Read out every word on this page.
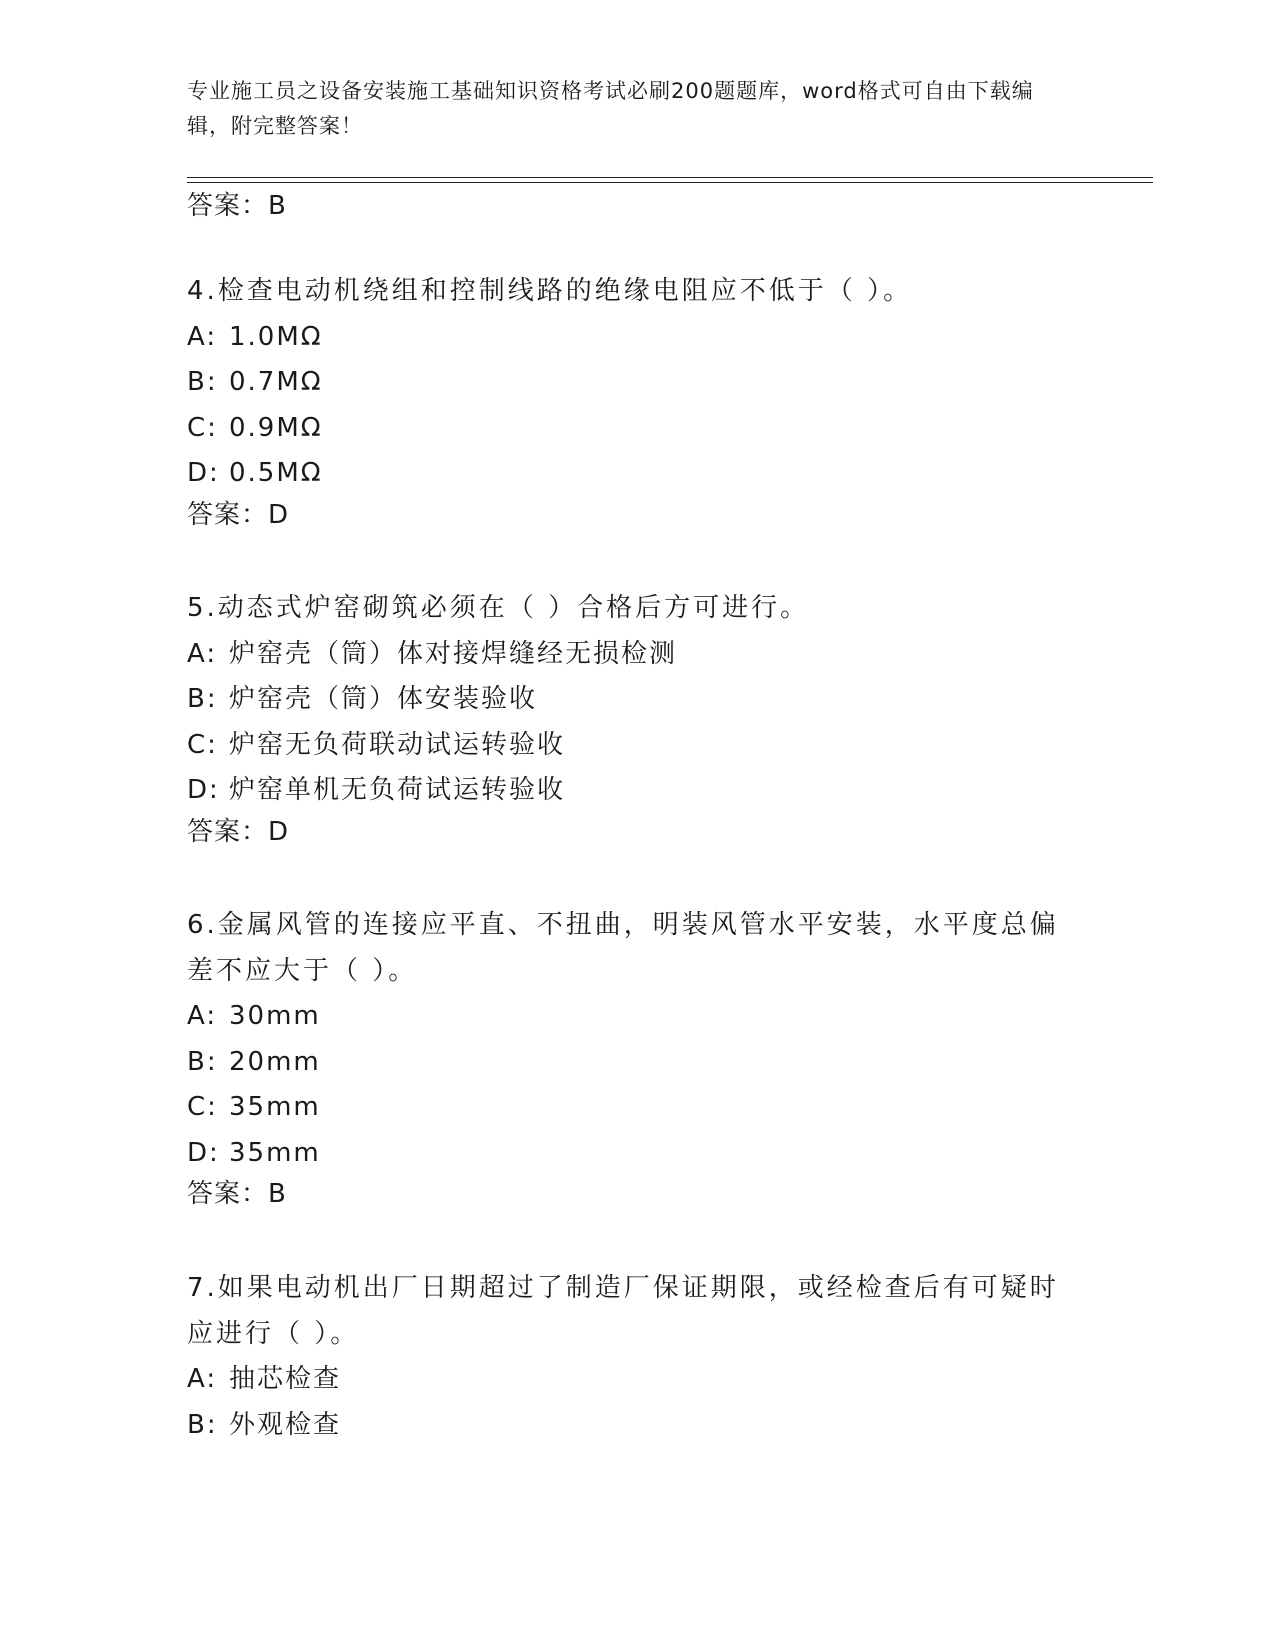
专业施工员之设备安装施工基础知识资格考试必刷200题题库，word格式可自由下载编辑，附完整答案！
答案：B
4.检查电动机绕组和控制线路的绝缘电阻应不低于（ ）。
A: 1.0MΩ
B: 0.7MΩ
C: 0.9MΩ
D: 0.5MΩ
答案：D
5.动态式炉窑砌筑必须在（ ）合格后方可进行。
A: 炉窑壳（筒）体对接焊缝经无损检测
B: 炉窑壳（筒）体安装验收
C: 炉窑无负荷联动试运转验收
D: 炉窑单机无负荷试运转验收
答案：D
6.金属风管的连接应平直、不扭曲，明装风管水平安装，水平度总偏差不应大于（ ）。
A: 30mm
B: 20mm
C: 35mm
D: 35mm
答案：B
7.如果电动机出厂日期超过了制造厂保证期限，或经检查后有可疑时应进行（ ）。
A: 抽芯检查
B: 外观检查
